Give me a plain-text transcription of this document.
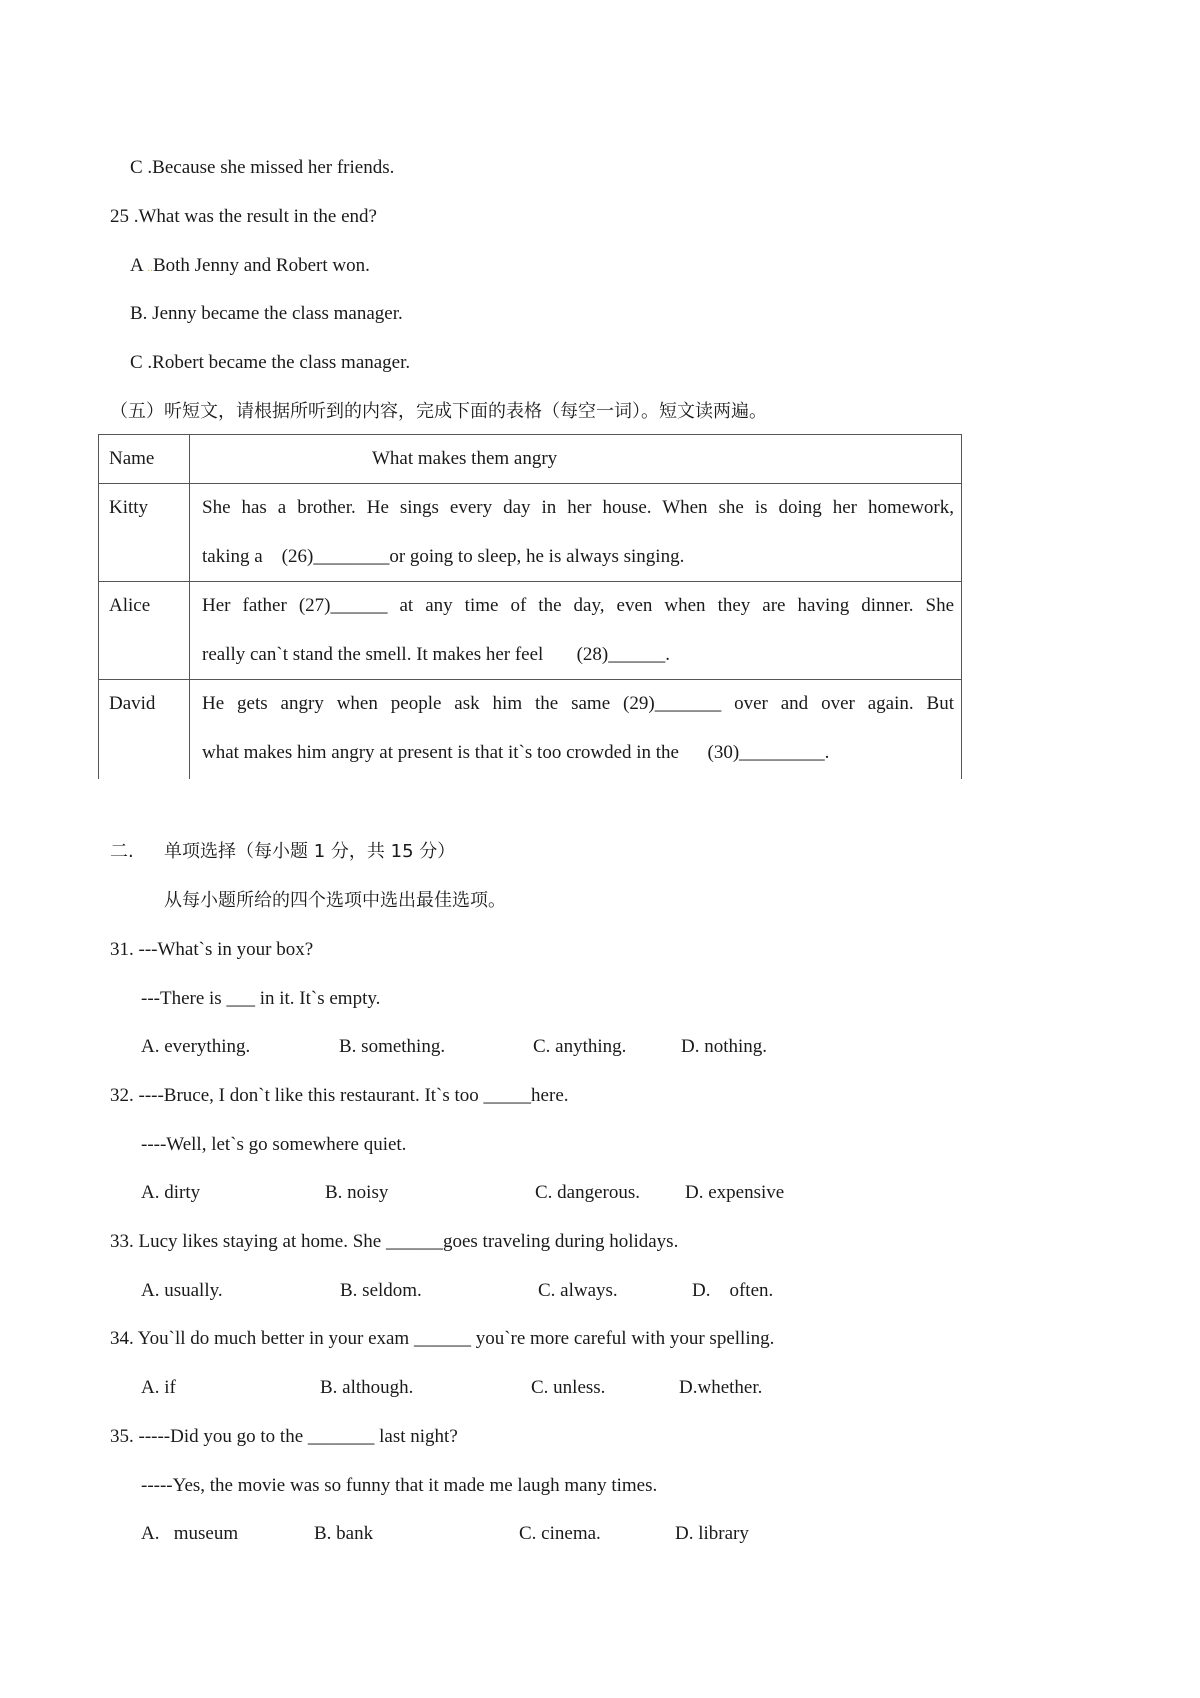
C .Because she missed her friends.
25 .What was the result in the end?
A ..Both Jenny and Robert won.
B. Jenny became the class manager.
C .Robert became the class manager.
（五）听短文，请根据所听到的内容，完成下面的表格（每空一词）。短文读两遍。
Name	What makes them angry
Kitty	She has a brother. He sings every day in her house. When she is doing her homework,
taking a    (26)________or going to sleep, he is always singing.
Alice	Her father (27)______ at any time of the day, even when they are having dinner. She
really can`t stand the smell. It makes her feel       (28)______.
David He gets angry when people ask him the same (29)_______ over and over again. But
what makes him angry at present is that it`s too crowded in the      (30)_________.
二. 单项选择（每小题 1 分，共 15 分）
从每小题所给的四个选项中选出最佳选项。
31. ---What`s in your box?
---There is ___ in it. It`s empty.
A. everything.	B. something.	C. anything.	D. nothing.
32. ----Bruce, I don`t like this restaurant. It`s too _____here.
----Well, let`s go somewhere quiet.
A. dirty	B. noisy	C. dangerous. D. expensive
33. Lucy likes staying at home. She ______goes traveling during holidays.
A. usually.	B. seldom.	C. always.	D.    often.
34. You`ll do much better in your exam ______ you`re more careful with your spelling.
A. if	B. although.	C. unless.	D.whether.
35. -----Did you go to the _______ last night?
-----Yes, the movie was so funny that it made me laugh many times.
A.   museum	B. bank	C. cinema.	D. library
